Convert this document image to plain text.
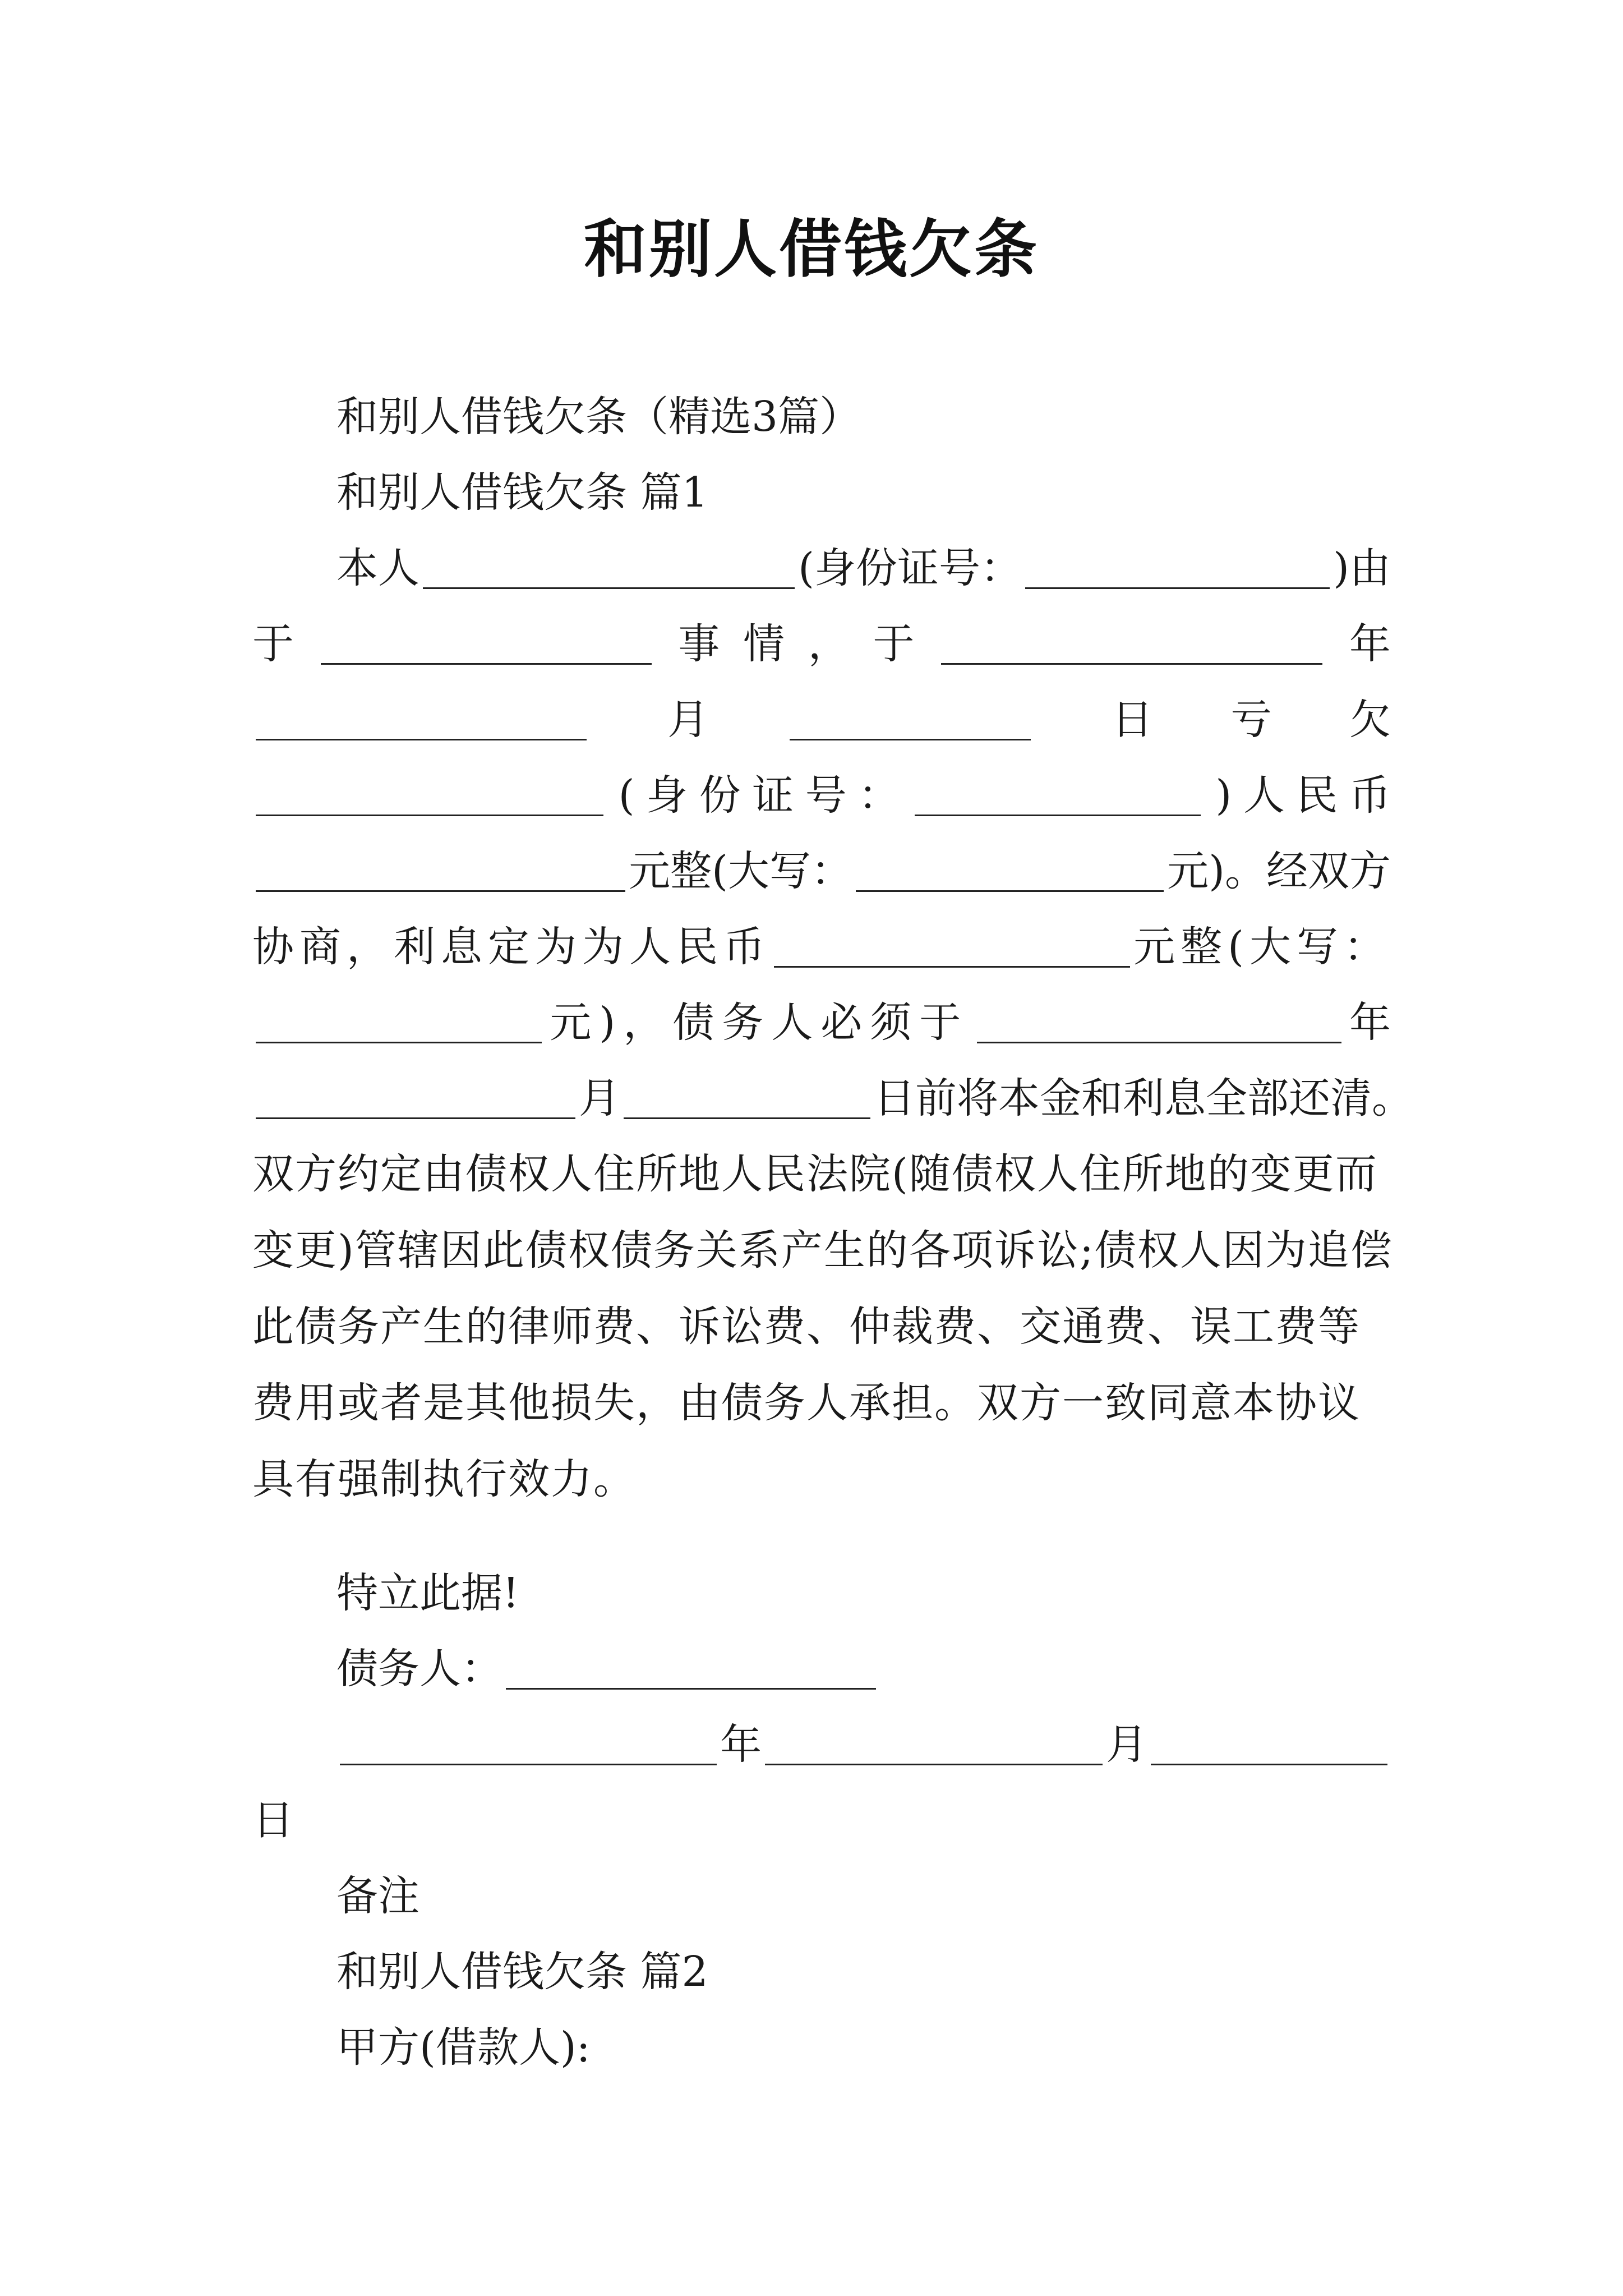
和别人借钱欠条
和别人借钱欠条（精选3篇）
和别人借钱欠条 篇1
本人	(身份证号：	)由
于	事 情 ， 于	年
月	日 亏 欠
( 身 份 证 号 ：	) 人 民 币
元整(大写：	元)。经双方
协商，利息定为为人民币	元整(大写：
元)，债务人必须于	年
月	日前将本金和利息全部还清。
双方约定由债权人住所地人民法院(随债权人住所地的变更而变更)管辖因此债权债务关系产生的各项诉讼;债权人因为追偿此债务产生的律师费、诉讼费、仲裁费、交通费、误工费等费用或者是其他损失，由债务人承担。双方一致同意本协议具有强制执行效力。
特立此据!
债务人：
年	月
日
备注
和别人借钱欠条 篇2
甲方(借款人):
